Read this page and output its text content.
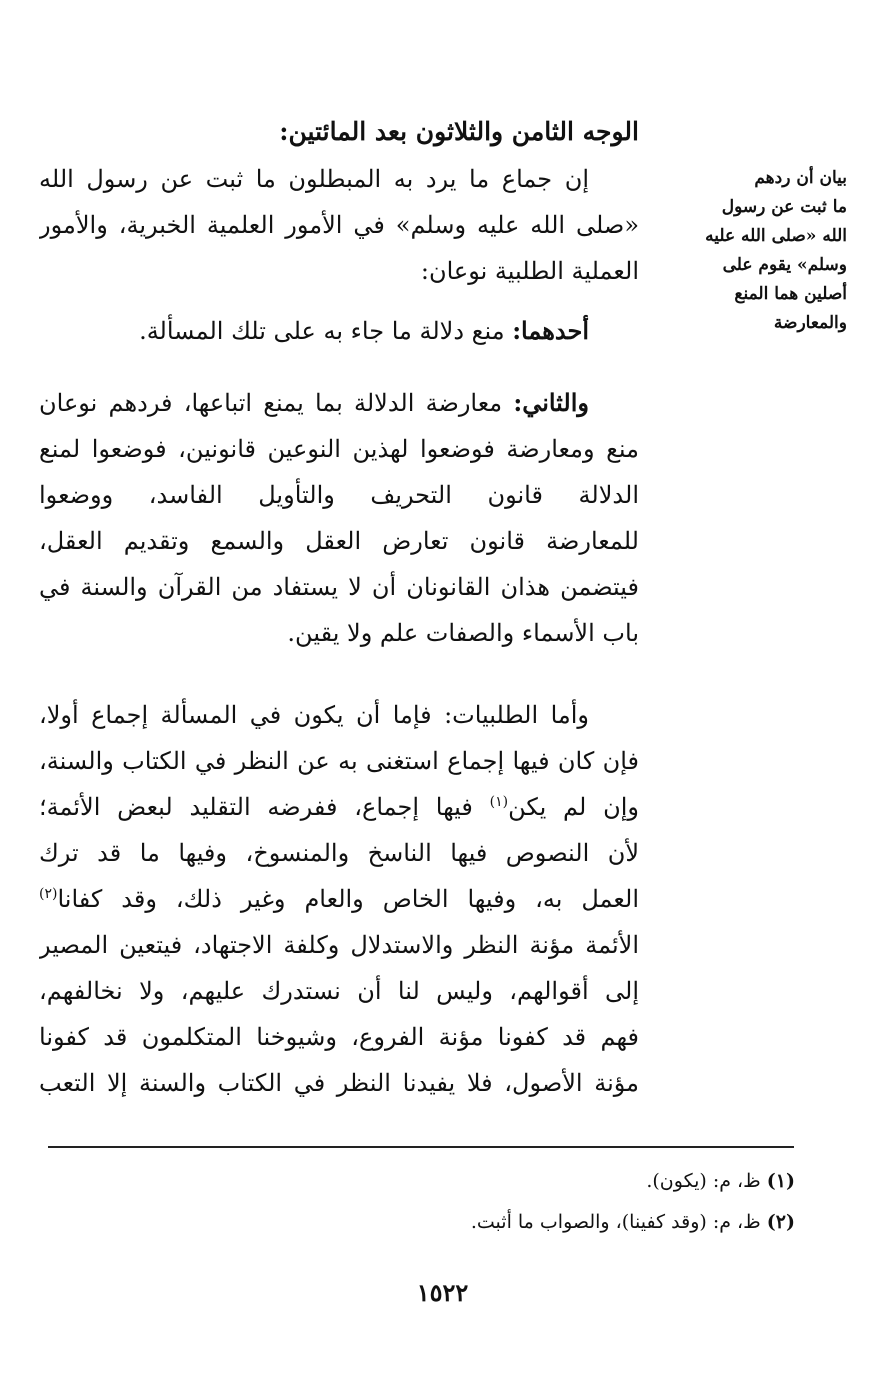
الوجه الثامن والثلاثون بعد المائتين:
بيان أن ردهم
ما ثبت عن رسول
الله «صلى الله عليه
وسلم» يقوم على
أصلين هما المنع
والمعارضة
إن جماع ما يرد به المبطلون ما ثبت عن رسول الله
«صلى الله عليه وسلم» في الأمور العلمية الخبرية، والأمور
العملية الطلبية نوعان:
أحدهما: منع دلالة ما جاء به على تلك المسألة.
والثاني: معارضة الدلالة بما يمنع اتباعها، فردهم نوعان
منع ومعارضة فوضعوا لهذين النوعين قانونين، فوضعوا لمنع
الدلالة قانون التحريف والتأويل الفاسد، ووضعوا
للمعارضة قانون تعارض العقل والسمع وتقديم العقل،
فيتضمن هذان القانونان أن لا يستفاد من القرآن والسنة في
باب الأسماء والصفات علم ولا يقين.
وأما الطلبيات: فإما أن يكون في المسألة إجماع أولا،
فإن كان فيها إجماع استغنى به عن النظر في الكتاب والسنة،
وإن لم يكن$^{(١)}$ فيها إجماع، ففرضه التقليد لبعض الأئمة؛
لأن النصوص فيها الناسخ والمنسوخ، وفيها ما قد ترك
العمل به، وفيها الخاص والعام وغير ذلك، وقد كفانا$^{(٢)}$
الأئمة مؤنة النظر والاستدلال وكلفة الاجتهاد، فيتعين المصير
إلى أقوالهم، وليس لنا أن نستدرك عليهم، ولا نخالفهم،
فهم قد كفونا مؤنة الفروع، وشيوخنا المتكلمون قد كفونا
مؤنة الأصول، فلا يفيدنا النظر في الكتاب والسنة إلا التعب
(١) ظ، م: (يكون).
(٢) ظ، م: (وقد كفينا)، والصواب ما أثبت.
١٥٢٢
